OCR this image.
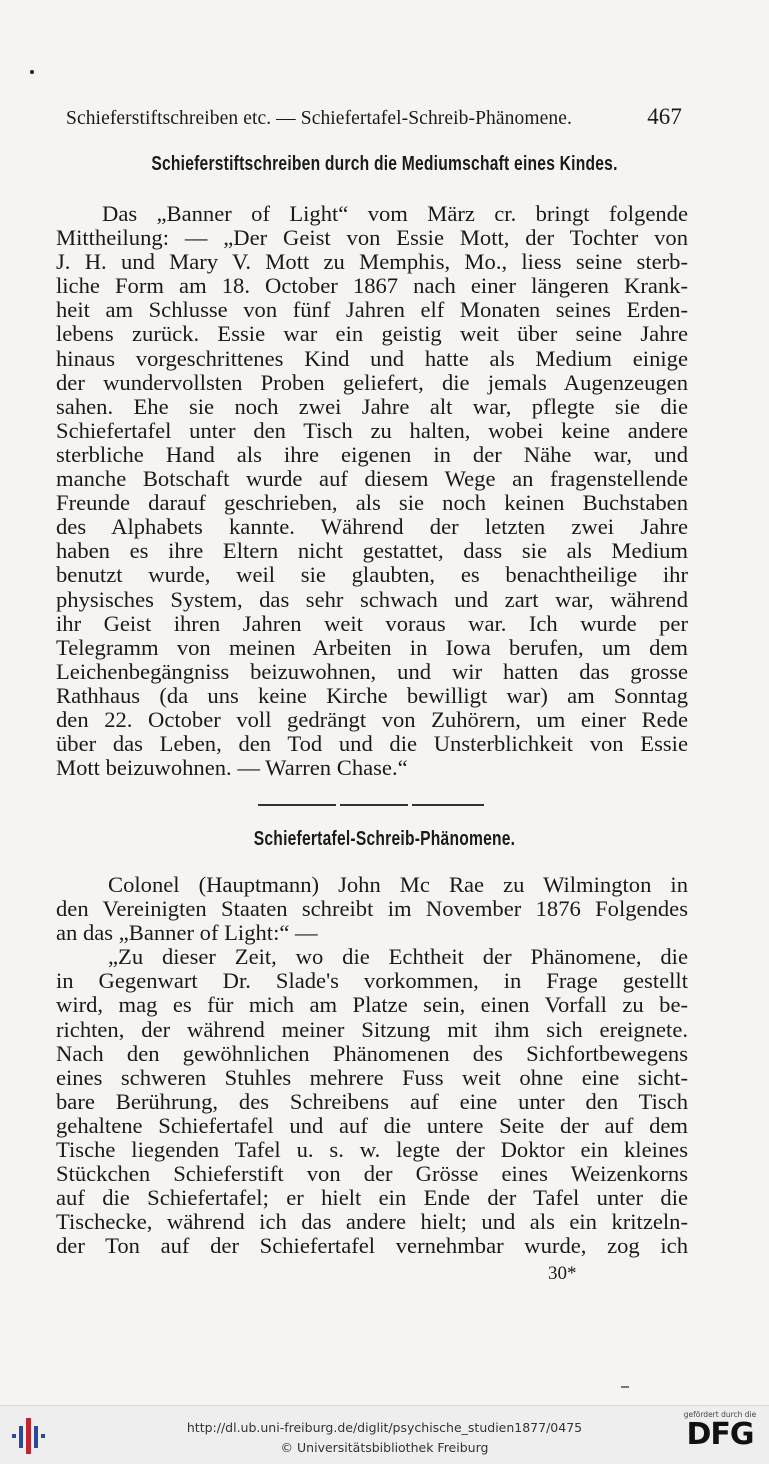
Schieferstiftschreiben etc. — Schiefertafel-Schreib-Phänomene.	467
Schieferstiftschreiben durch die Mediumschaft eines Kindes.
Das „Banner of Light“ vom März cr. bringt folgende
Mittheilung: — „Der Geist von Essie Mott, der Tochter von
J. H. und Mary V. Mott zu Memphis, Mo., liess seine sterb-
liche Form am 18. October 1867 nach einer längeren Krank-
heit am Schlusse von fünf Jahren elf Monaten seines Erden-
lebens zurück. Essie war ein geistig weit über seine Jahre
hinaus vorgeschrittenes Kind und hatte als Medium einige
der wundervollsten Proben geliefert, die jemals Augenzeugen
sahen. Ehe sie noch zwei Jahre alt war, pflegte sie die
Schiefertafel unter den Tisch zu halten, wobei keine andere
sterbliche Hand als ihre eigenen in der Nähe war, und
manche Botschaft wurde auf diesem Wege an fragenstellende
Freunde darauf geschrieben, als sie noch keinen Buchstaben
des Alphabets kannte. Während der letzten zwei Jahre
haben es ihre Eltern nicht gestattet, dass sie als Medium
benutzt wurde, weil sie glaubten, es benachtheilige ihr
physisches System, das sehr schwach und zart war, während
ihr Geist ihren Jahren weit voraus war. Ich wurde per
Telegramm von meinen Arbeiten in Iowa berufen, um dem
Leichenbegängniss beizuwohnen, und wir hatten das grosse
Rathhaus (da uns keine Kirche bewilligt war) am Sonntag
den 22. October voll gedrängt von Zuhörern, um einer Rede
über das Leben, den Tod und die Unsterblichkeit von Essie
Mott beizuwohnen. — Warren Chase.“
Schiefertafel-Schreib-Phänomene.
Colonel (Hauptmann) John Mc Rae zu Wilmington in
den Vereinigten Staaten schreibt im November 1876 Folgendes
an das „Banner of Light:“ —
„Zu dieser Zeit, wo die Echtheit der Phänomene, die
in Gegenwart Dr. Slade's vorkommen, in Frage gestellt
wird, mag es für mich am Platze sein, einen Vorfall zu be-
richten, der während meiner Sitzung mit ihm sich ereignete.
Nach den gewöhnlichen Phänomenen des Sichfortbewegens
eines schweren Stuhles mehrere Fuss weit ohne eine sicht-
bare Berührung, des Schreibens auf eine unter den Tisch
gehaltene Schiefertafel und auf die untere Seite der auf dem
Tische liegenden Tafel u. s. w. legte der Doktor ein kleines
Stückchen Schieferstift von der Grösse eines Weizenkorns
auf die Schiefertafel; er hielt ein Ende der Tafel unter die
Tischecke, während ich das andere hielt; und als ein kritzeln-
der Ton auf der Schiefertafel vernehmbar wurde, zog ich
30*
http://dl.ub.uni-freiburg.de/diglit/psychische_studien1877/0475
© Universitätsbibliothek Freiburg
gefördert durch die
DFG
